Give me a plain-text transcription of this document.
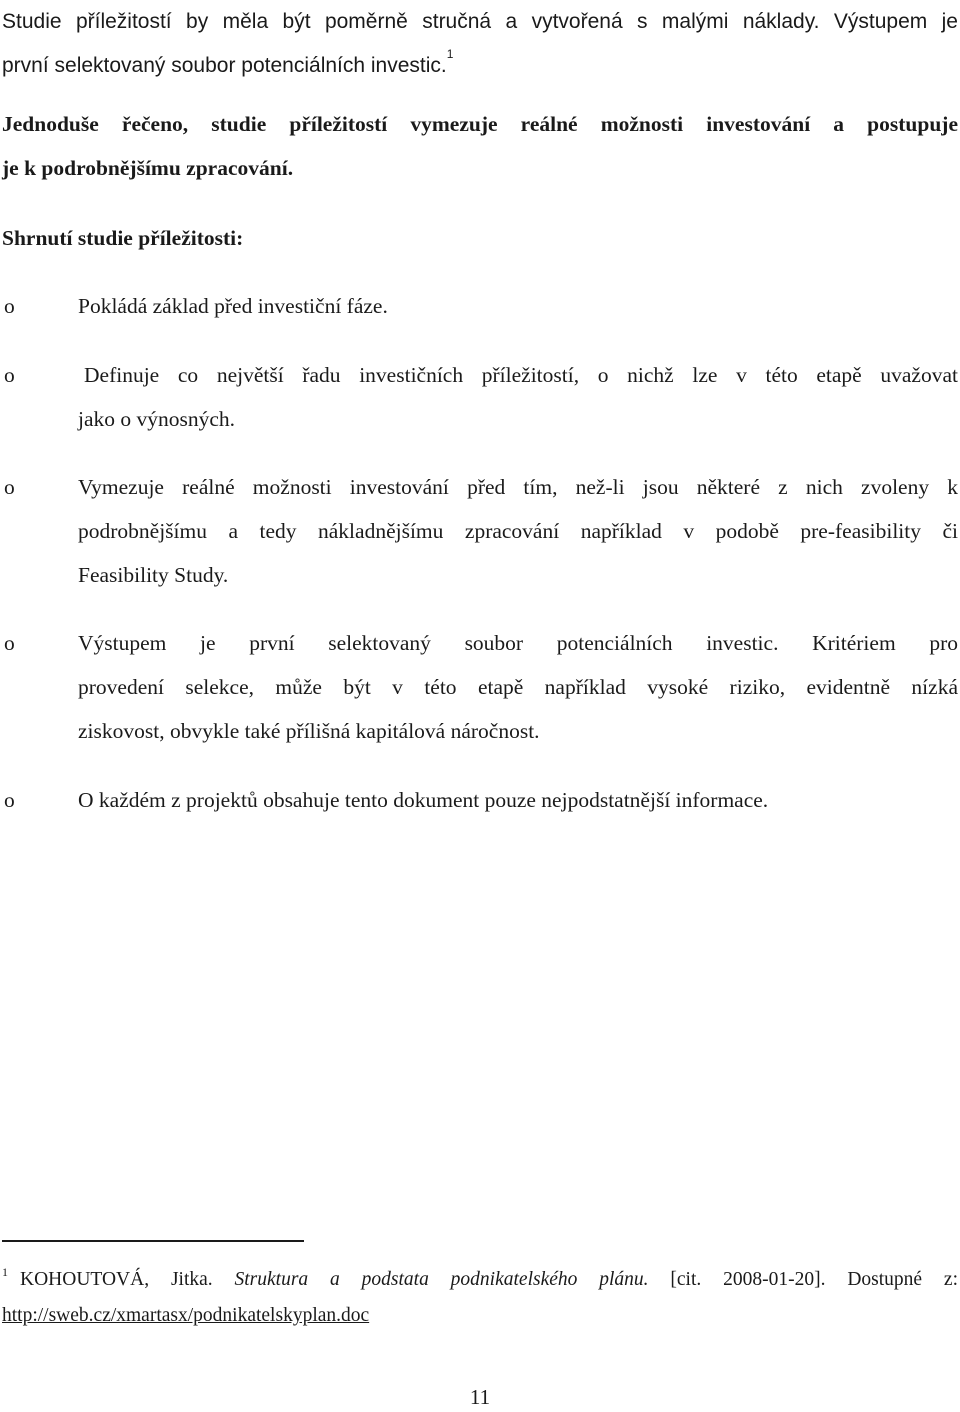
Studie příležitostí by měla být poměrně stručná a vytvořená s malými náklady. Výstupem je
první selektovaný soubor potenciálních investic.$^1$
Jednoduše řečeno, studie příležitostí vymezuje reálné možnosti investování a postupuje
je k podrobnějšímu zpracování.
Shrnutí studie příležitosti:
o	Pokládá základ před investiční fáze.
o	Definuje co největší řadu investičních příležitostí, o nichž lze v této etapě uvažovat
jako o výnosných.
o	Vymezuje reálné možnosti investování před tím, než-li jsou některé z nich zvoleny k
podrobnějšímu a tedy nákladnějšímu zpracování například v podobě pre-feasibility či
Feasibility Study.
o	Výstupem je první selektovaný soubor potenciálních investic. Kritériem pro
provedení selekce, může být v této etapě například vysoké riziko, evidentně nízká
ziskovost, obvykle také přílišná kapitálová náročnost.
o	O každém z projektů obsahuje tento dokument pouze nejpodstatnější informace.
$^1$ KOHOUTOVÁ, Jitka. Struktura a podstata podnikatelského plánu. [cit. 2008-01-20]. Dostupné z:
http://sweb.cz/xmartasx/podnikatelskyplan.doc
11
